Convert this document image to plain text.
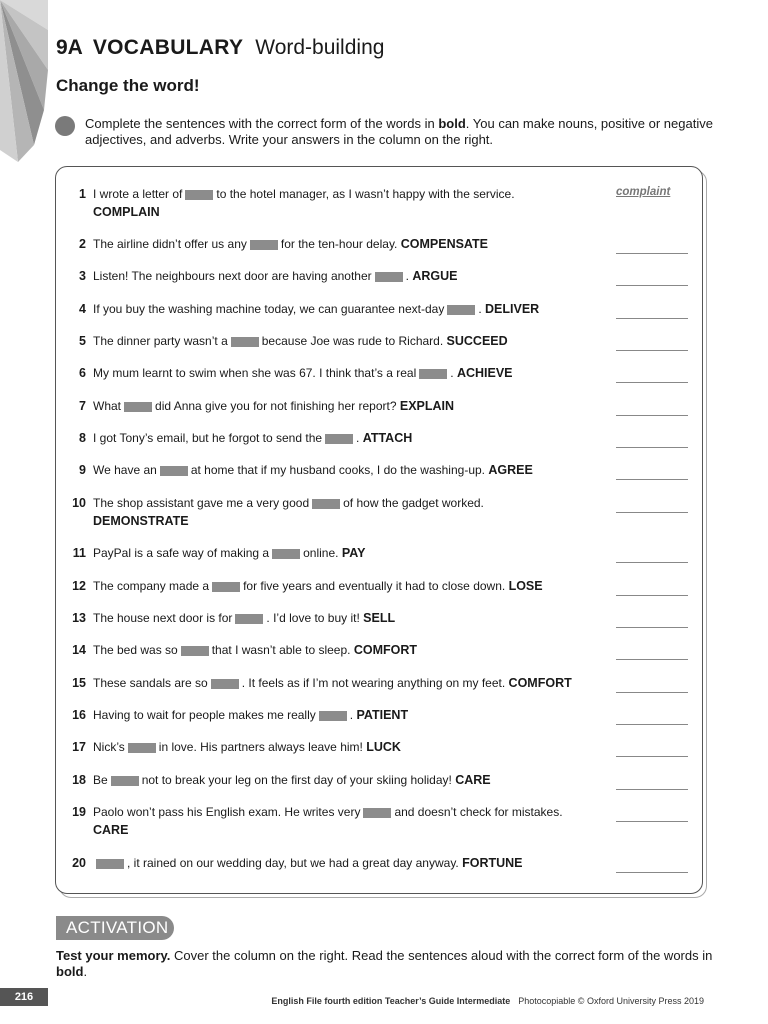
9A VOCABULARY Word-building
Change the word!
Complete the sentences with the correct form of the words in bold. You can make nouns, positive or negative adjectives, and adverbs. Write your answers in the column on the right.
1 I wrote a letter of	to the hotel manager, as I wasn’t happy with the service.
COMPLAIN
complaint
2 The airline didn’t offer us any	for the ten-hour delay. COMPENSATE
3 Listen! The neighbours next door are having another	. ARGUE
4 If you buy the washing machine today, we can guarantee next-day	. DELIVER
5 The dinner party wasn’t a	because Joe was rude to Richard. SUCCEED
6 My mum learnt to swim when she was 67. I think that’s a real	. ACHIEVE
7 What	did Anna give you for not finishing her report? EXPLAIN
8 I got Tony’s email, but he forgot to send the	. ATTACH
9 We have an	at home that if my husband cooks, I do the washing-up. AGREE
10 The shop assistant gave me a very good	of how the gadget worked.
DEMONSTRATE
11 PayPal is a safe way of making a	online. PAY
12 The company made a	for five years and eventually it had to close down. LOSE
13 The house next door is for	. I’d love to buy it! SELL
14 The bed was so	that I wasn’t able to sleep. COMFORT
15 These sandals are so	. It feels as if I’m not wearing anything on my feet. COMFORT
16 Having to wait for people makes me really	. PATIENT
17 Nick’s	in love. His partners always leave him! LUCK
18 Be	not to break your leg on the first day of your skiing holiday! CARE
19 Paolo won’t pass his English exam. He writes very	and doesn’t check for mistakes.
CARE
20	, it rained on our wedding day, but we had a great day anyway. FORTUNE
ACTIVATION
Test your memory. Cover the column on the right. Read the sentences aloud with the correct form of the words in bold.
216	English File fourth edition Teacher’s Guide Intermediate Photocopiable © Oxford University Press 2019
